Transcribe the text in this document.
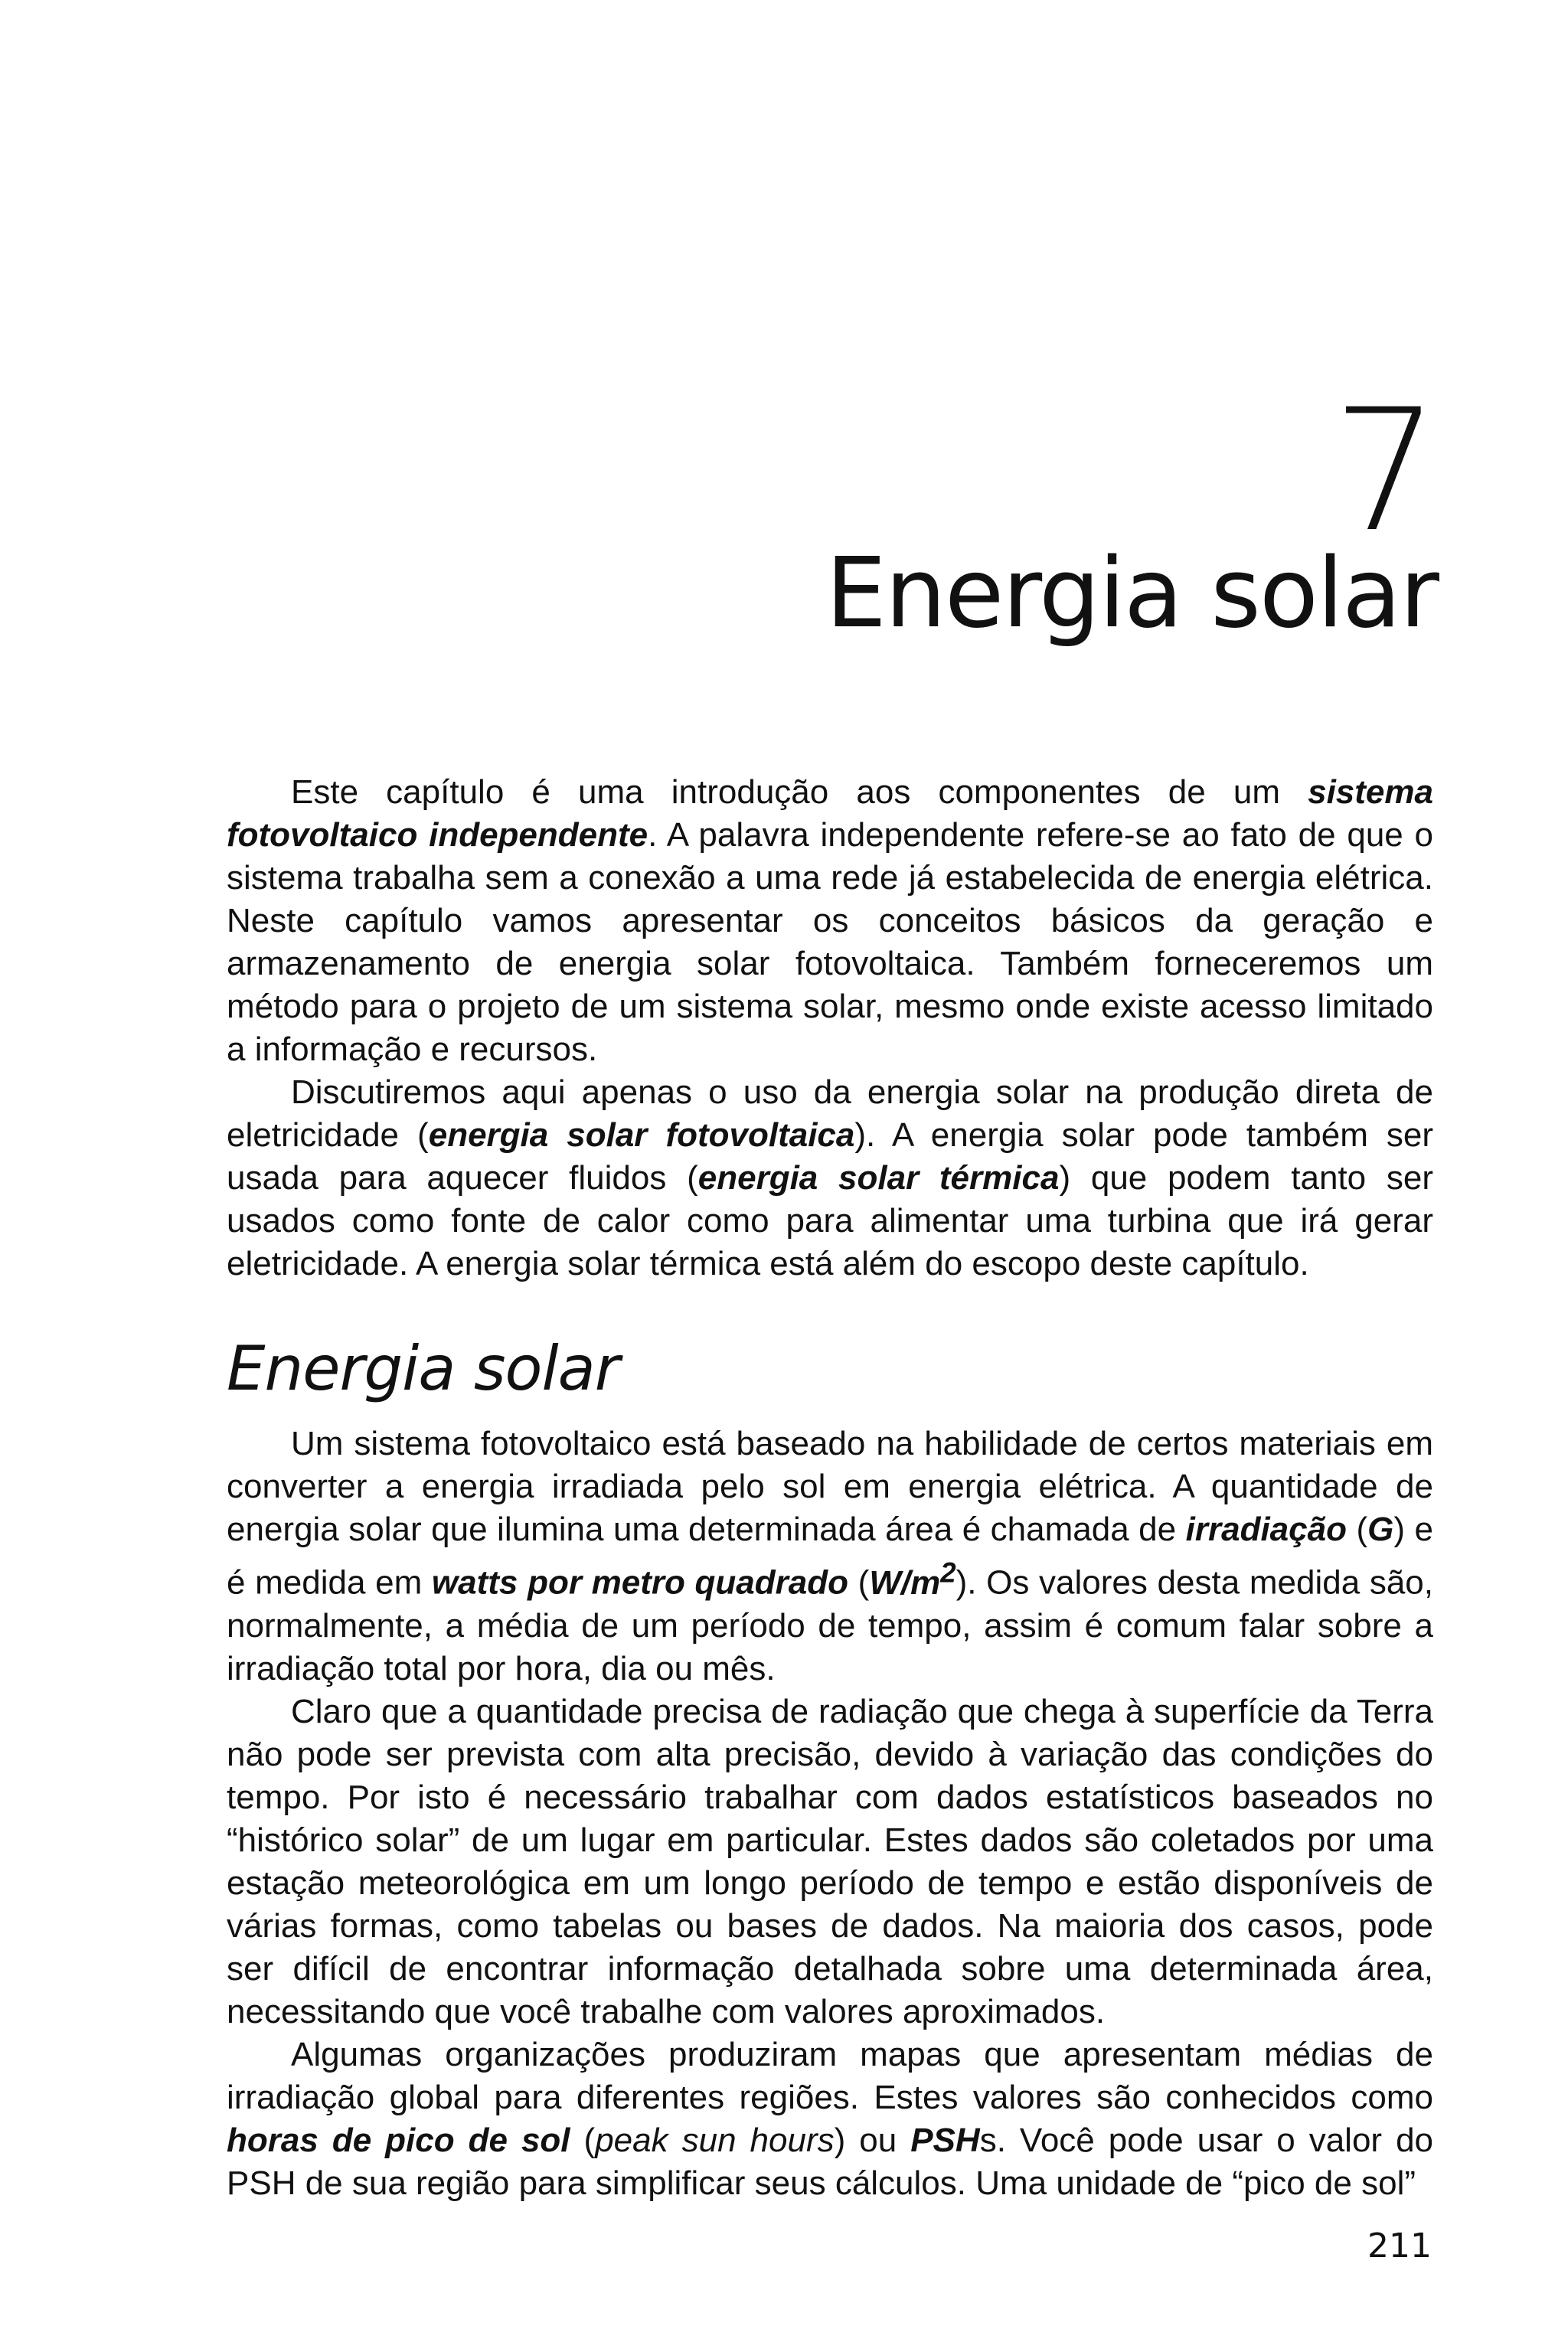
7
Energia solar

Este capítulo é uma introdução aos componentes de um sistema fotovoltaico independente. A palavra independente refere-se ao fato de que o sistema trabalha sem a conexão a uma rede já estabelecida de energia elétrica. Neste capítulo vamos apresentar os conceitos básicos da geração e armazenamento de energia solar fotovoltaica. Também forneceremos um método para o projeto de um sistema solar, mesmo onde existe acesso limitado a informação e recursos.

Discutiremos aqui apenas o uso da energia solar na produção direta de eletricidade (energia solar fotovoltaica). A energia solar pode também ser usada para aquecer fluidos (energia solar térmica) que podem tanto ser usados como fonte de calor como para alimentar uma turbina que irá gerar eletricidade. A energia solar térmica está além do escopo deste capítulo.

Energia solar

Um sistema fotovoltaico está baseado na habilidade de certos materiais em converter a energia irradiada pelo sol em energia elétrica. A quantidade de energia solar que ilumina uma determinada área é chamada de irradiação (G) e é medida em watts por metro quadrado $(W/m^2)$. Os valores desta medida são, normalmente, a média de um período de tempo, assim é comum falar sobre a irradiação total por hora, dia ou mês.

Claro que a quantidade precisa de radiação que chega à superfície da Terra não pode ser prevista com alta precisão, devido à variação das condições do tempo. Por isto é necessário trabalhar com dados estatísticos baseados no “histórico solar” de um lugar em particular. Estes dados são coletados por uma estação meteorológica em um longo período de tempo e estão disponíveis de várias formas, como tabelas ou bases de dados. Na maioria dos casos, pode ser difícil de encontrar informação detalhada sobre uma determinada área, necessitando que você trabalhe com valores aproximados.

Algumas organizações produziram mapas que apresentam médias de irradiação global para diferentes regiões. Estes valores são conhecidos como horas de pico de sol (peak sun hours) ou PSHs. Você pode usar o valor do PSH de sua região para simplificar seus cálculos. Uma unidade de “pico de sol”

211
